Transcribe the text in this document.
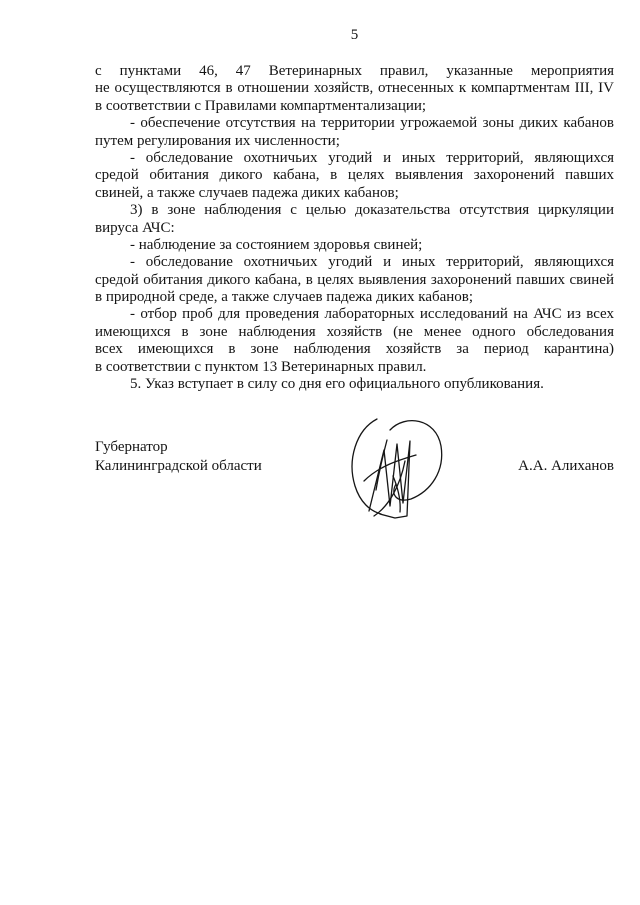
5
с пунктами 46, 47 Ветеринарных правил, указанные мероприятия
не осуществляются в отношении хозяйств, отнесенных к компартментам III, IV
в соответствии с Правилами компартментализации;
- обеспечение отсутствия на территории угрожаемой зоны диких кабанов
путем регулирования их численности;
- обследование охотничьих угодий и иных территорий, являющихся
средой обитания дикого кабана, в целях выявления захоронений павших
свиней, а также случаев падежа диких кабанов;
3) в зоне наблюдения с целью доказательства отсутствия циркуляции
вируса АЧС:
- наблюдение за состоянием здоровья свиней;
- обследование охотничьих угодий и иных территорий, являющихся
средой обитания дикого кабана, в целях выявления захоронений павших свиней
в природной среде, а также случаев падежа диких кабанов;
- отбор проб для проведения лабораторных исследований на АЧС из всех
имеющихся в зоне наблюдения хозяйств (не менее одного обследования
всех имеющихся в зоне наблюдения хозяйств за период карантина)
в соответствии с пунктом 13 Ветеринарных правил.
5. Указ вступает в силу со дня его официального опубликования.
Губернатор
Калининградской области	А.А. Алиханов
